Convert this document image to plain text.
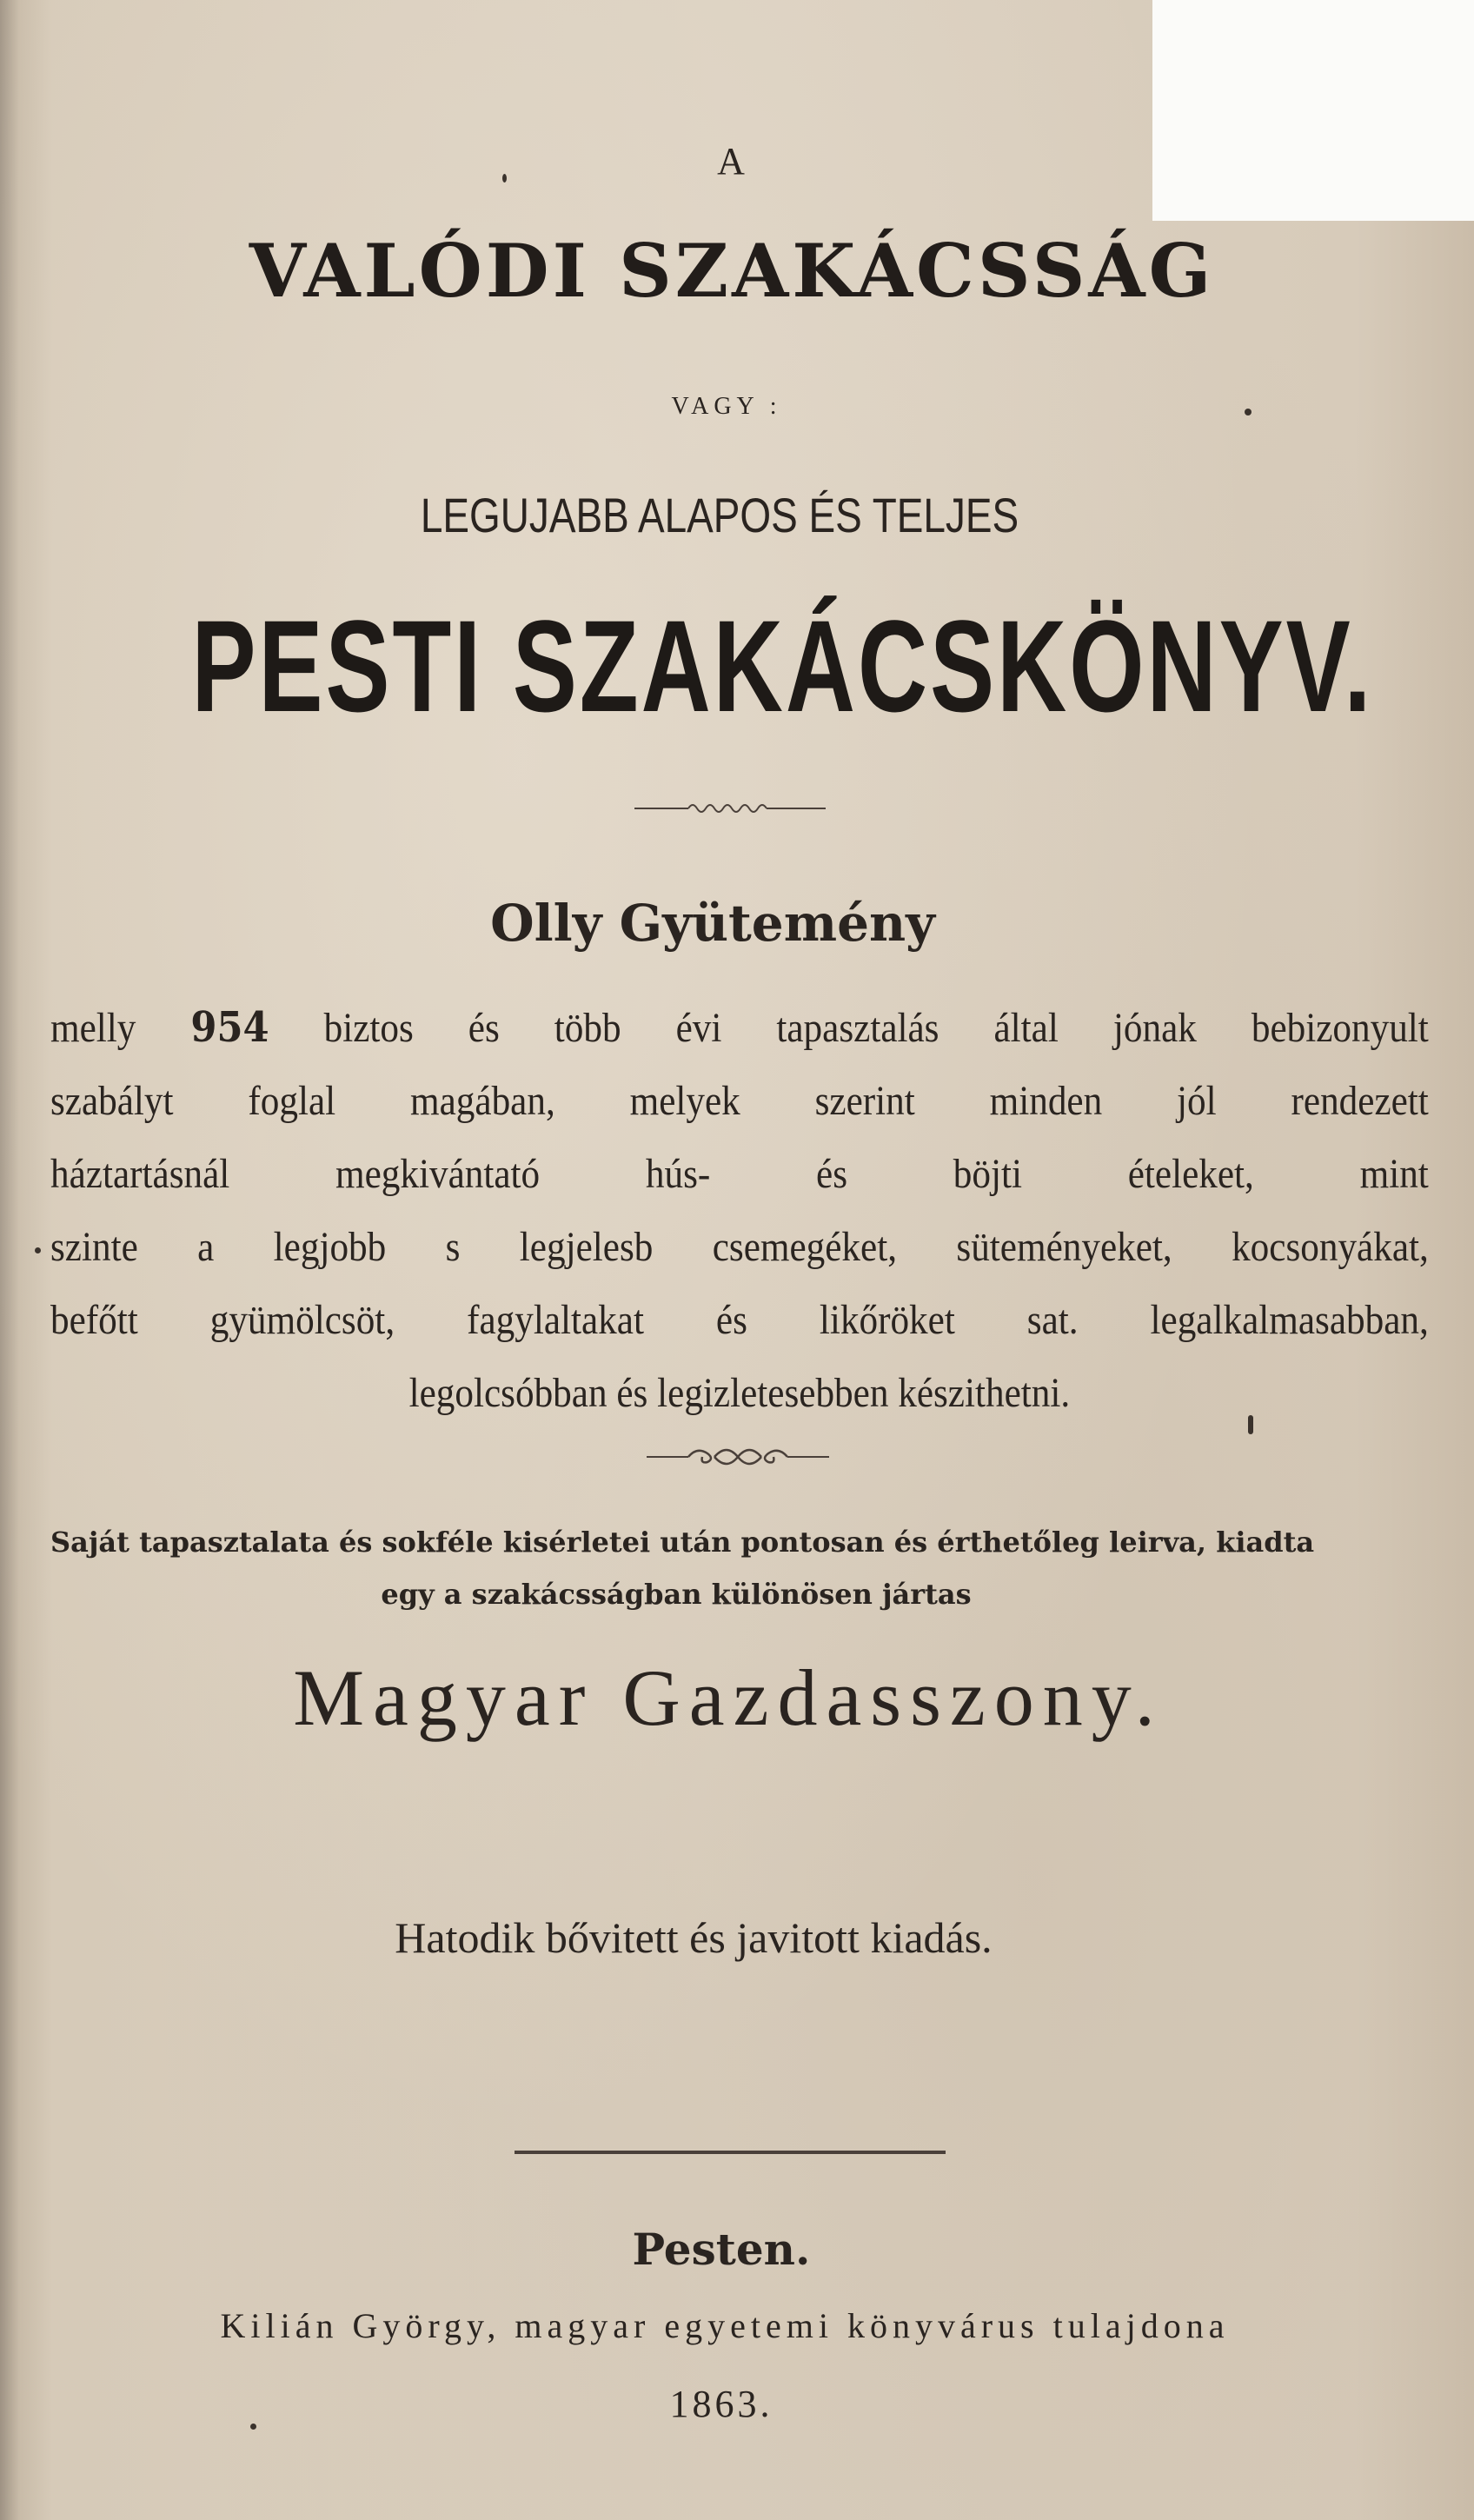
A
VALÓDI SZAKÁCSSÁG
VAGY :
LEGUJABB ALAPOS ÉS TELJES
PESTI SZAKÁCSKÖNYV.
Olly Gyütemény
melly 954 biztos és több évi tapasztalás által jónak bebizonyult
szabályt foglal magában, melyek szerint minden jól rendezett
háztartásnál megkivántató hús- és böjti ételeket, mint
szinte a legjobb s legjelesb csemegéket, süteményeket, kocsonyákat,
befőtt gyümölcsöt, fagylaltakat és likőröket sat. legalkalmasabban,
legolcsóbban és legizletesebben készithetni.
Saját tapasztalata és sokféle kisérletei után pontosan és érthetőleg leirva, kiadta
egy a szakácsságban különösen jártas
Magyar Gazdasszony.
Hatodik bővitett és javitott kiadás.
Pesten.
Kilián György, magyar egyetemi könyvárus tulajdona
1863.
